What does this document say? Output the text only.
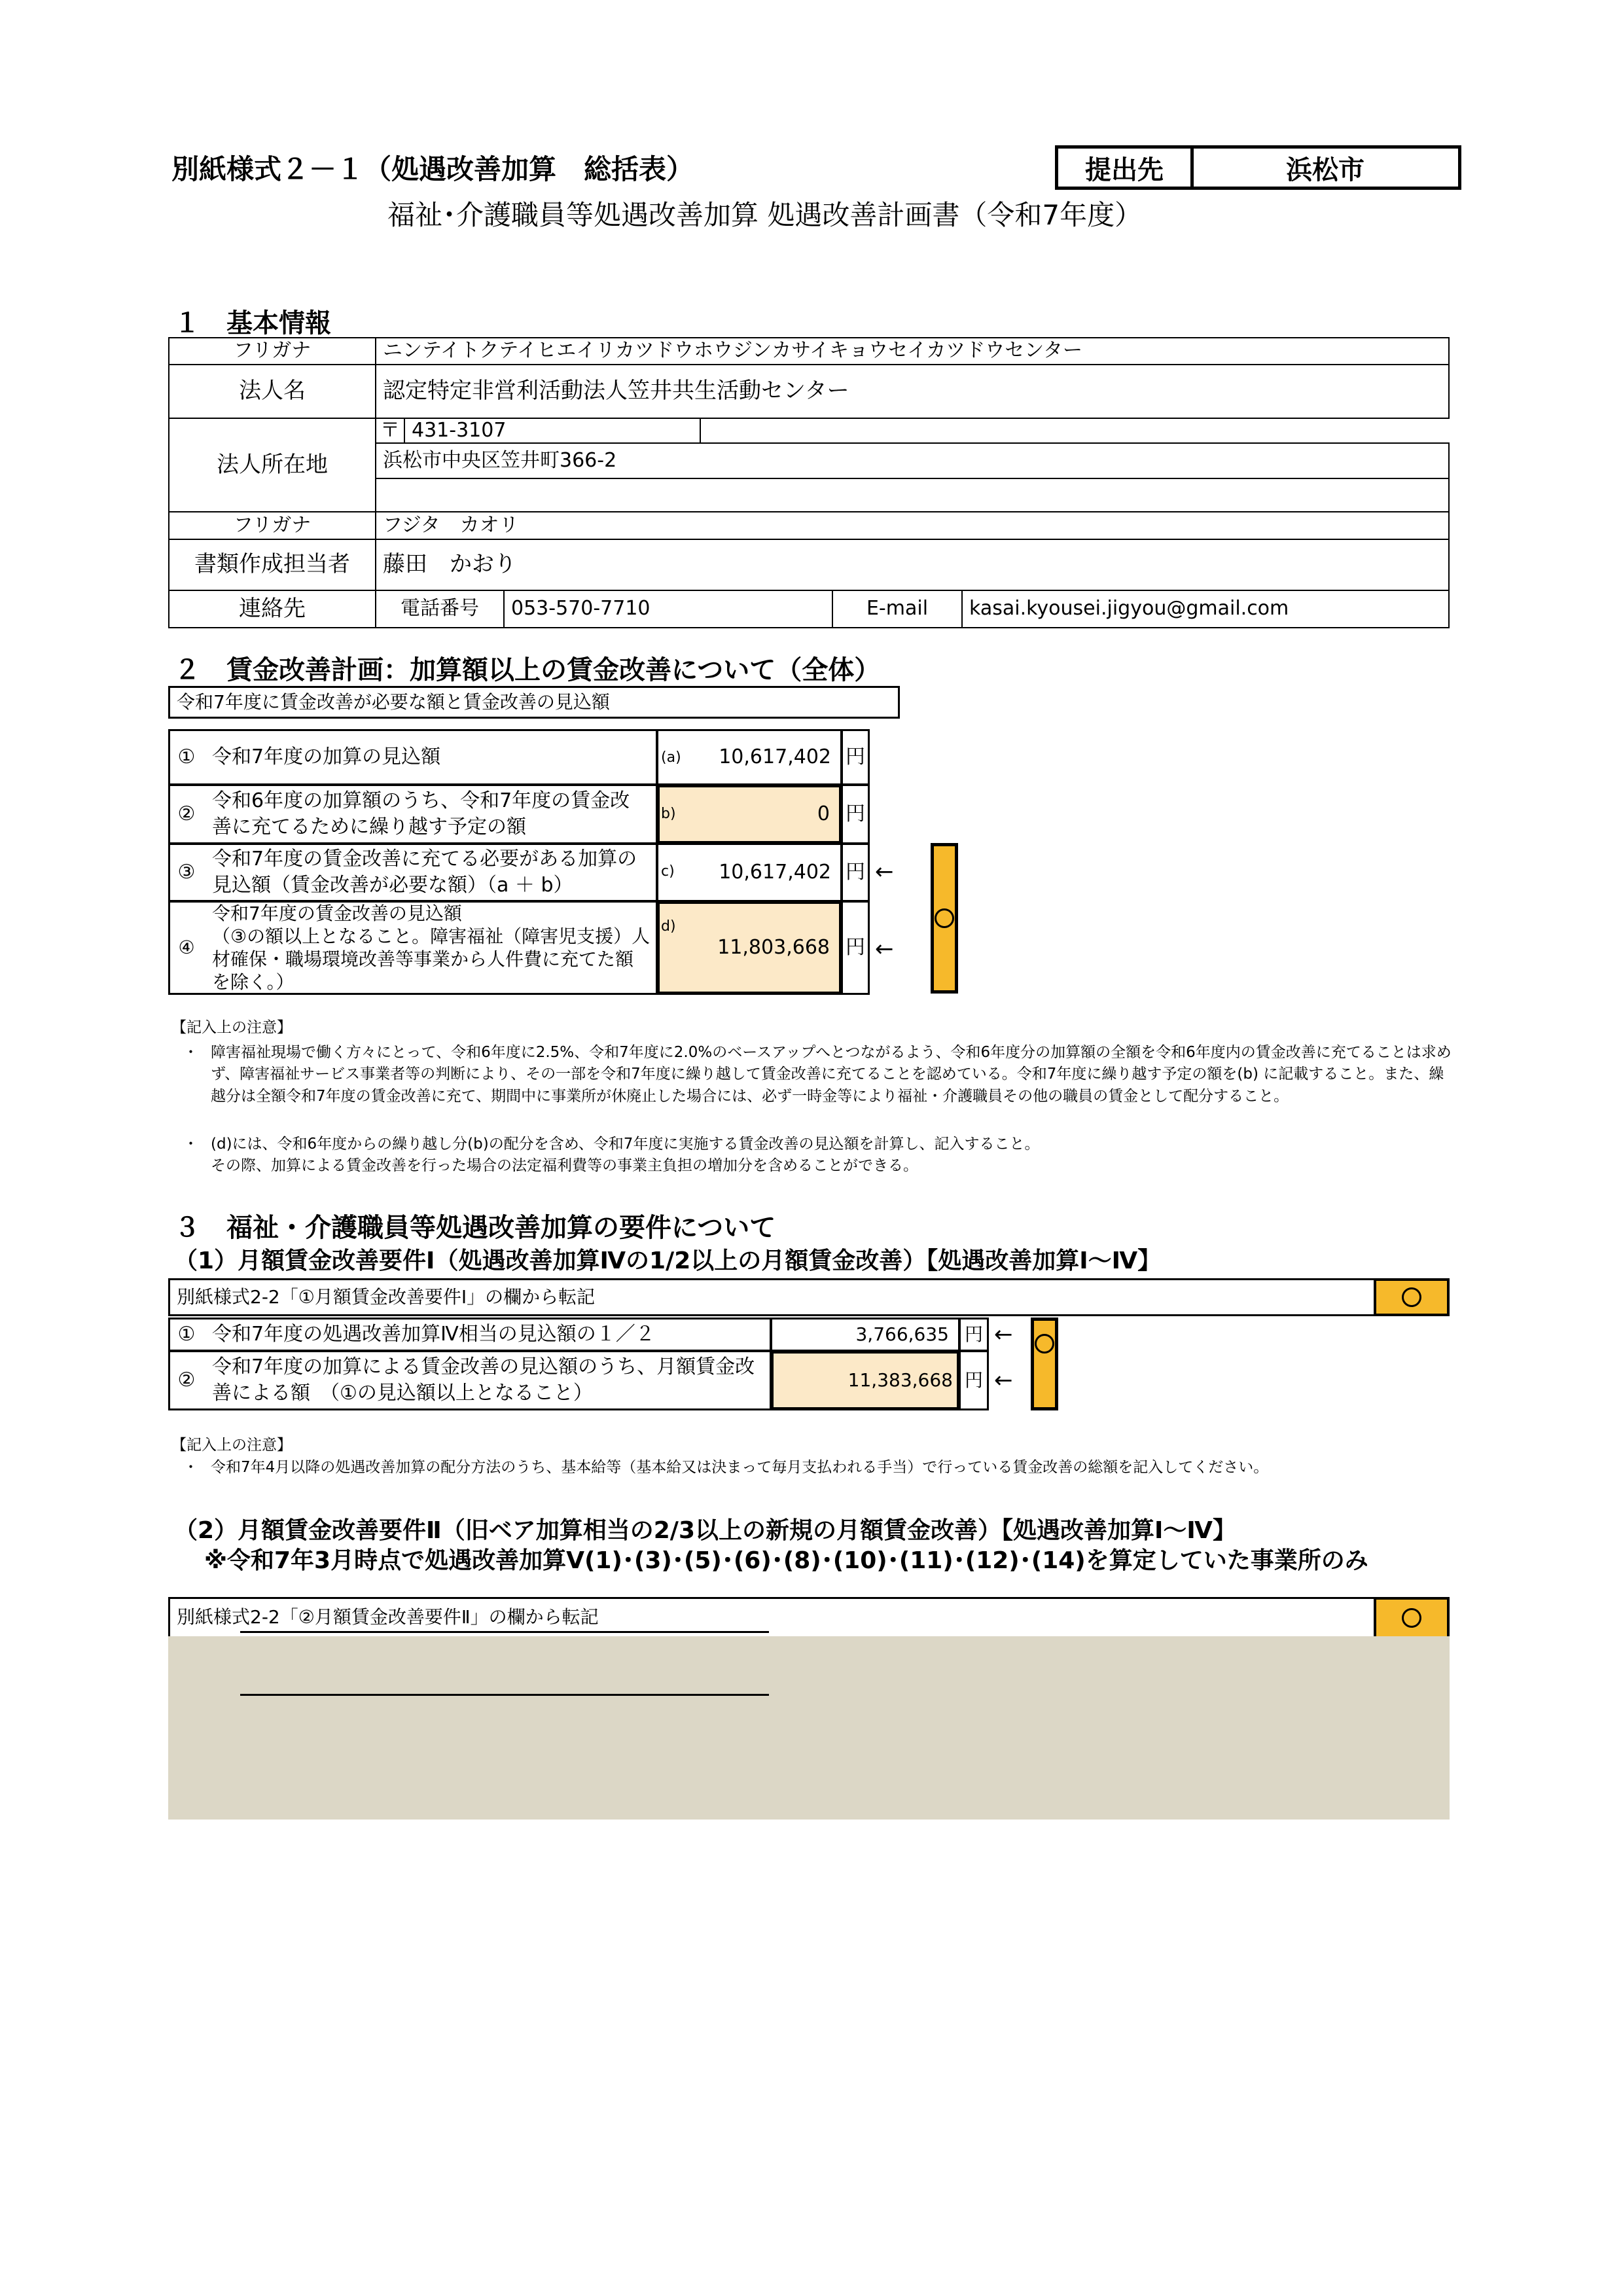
別紙様式２－１（処遇改善加算　総括表）	提出先	浜松市
福祉･介護職員等処遇改善加算 処遇改善計画書（令和7年度）
１　基本情報
フリガナ	ニンテイトクテイヒエイリカツドウホウジンカサイキョウセイカツドウセンター
法人名	認定特定非営利活動法人笠井共生活動センター
法人所在地
〒 431-3107
浜松市中央区笠井町366-2
フリガナ	フジタ　カオリ
書類作成担当者	藤田　かおり
連絡先	電話番号	053-570-7710	E-mail	kasai.kyousei.jigyou@gmail.com
２　賃金改善計画：加算額以上の賃金改善について（全体）
令和7年度に賃金改善が必要な額と賃金改善の見込額
① 令和7年度の加算の見込額	(a) 10,617,402 円
②
令和6年度の加算額のうち、令和7年度の賃金改善に充てるために繰り越す予定の額
b)	0 円
③
令和7年度の賃金改善に充てる必要がある加算の見込額（賃金改善が必要な額）（a ＋ b）
c) 10,617,402 円 ←
④
令和7年度の賃金改善の見込額
（③の額以上となること。障害福祉（障害児支援）人材確保・職場環境改善等事業から人件費に充てた額を除く。）
d)
11,803,668 円 ←
【記入上の注意】
・ 障害福祉現場で働く方々にとって、令和6年度に2.5%、令和7年度に2.0%のベースアップへとつながるよう、令和6年度分の加算額の全額を令和6年度内の賃金改善に充てることは求めず、障害福祉サービス事業者等の判断により、その一部を令和7年度に繰り越して賃金改善に充てることを認めている。令和7年度に繰り越す予定の額を(b) に記載すること。また、繰越分は全額令和7年度の賃金改善に充て、期間中に事業所が休廃止した場合には、必ず一時金等により福祉・介護職員その他の職員の賃金として配分すること。
・ (d)には、令和6年度からの繰り越し分(b)の配分を含め、令和7年度に実施する賃金改善の見込額を計算し、記入すること。
その際、加算による賃金改善を行った場合の法定福利費等の事業主負担の増加分を含めることができる。
３　福祉・介護職員等処遇改善加算の要件について
（1）月額賃金改善要件Ⅰ（処遇改善加算Ⅳの1/2以上の月額賃金改善）【処遇改善加算Ⅰ～Ⅳ】
別紙様式2-2「①月額賃金改善要件Ⅰ」の欄から転記
① 令和7年度の処遇改善加算Ⅳ相当の見込額の１／２	3,766,635 円 ←
②
令和7年度の加算による賃金改善の見込額のうち、月額賃金改善による額　（①の見込額以上となること）
11,383,668 円 ←
【記入上の注意】
・ 令和7年4月以降の処遇改善加算の配分方法のうち、基本給等（基本給又は決まって毎月支払われる手当）で行っている賃金改善の総額を記入してください。
（2）月額賃金改善要件Ⅱ（旧ベア加算相当の2/3以上の新規の月額賃金改善）【処遇改善加算Ⅰ～Ⅳ】
※令和7年3月時点で処遇改善加算Ⅴ(1)･(3)･(5)･(6)･(8)･(10)･(11)･(12)･(14)を算定していた事業所のみ
別紙様式2-2「②月額賃金改善要件Ⅱ」の欄から転記
